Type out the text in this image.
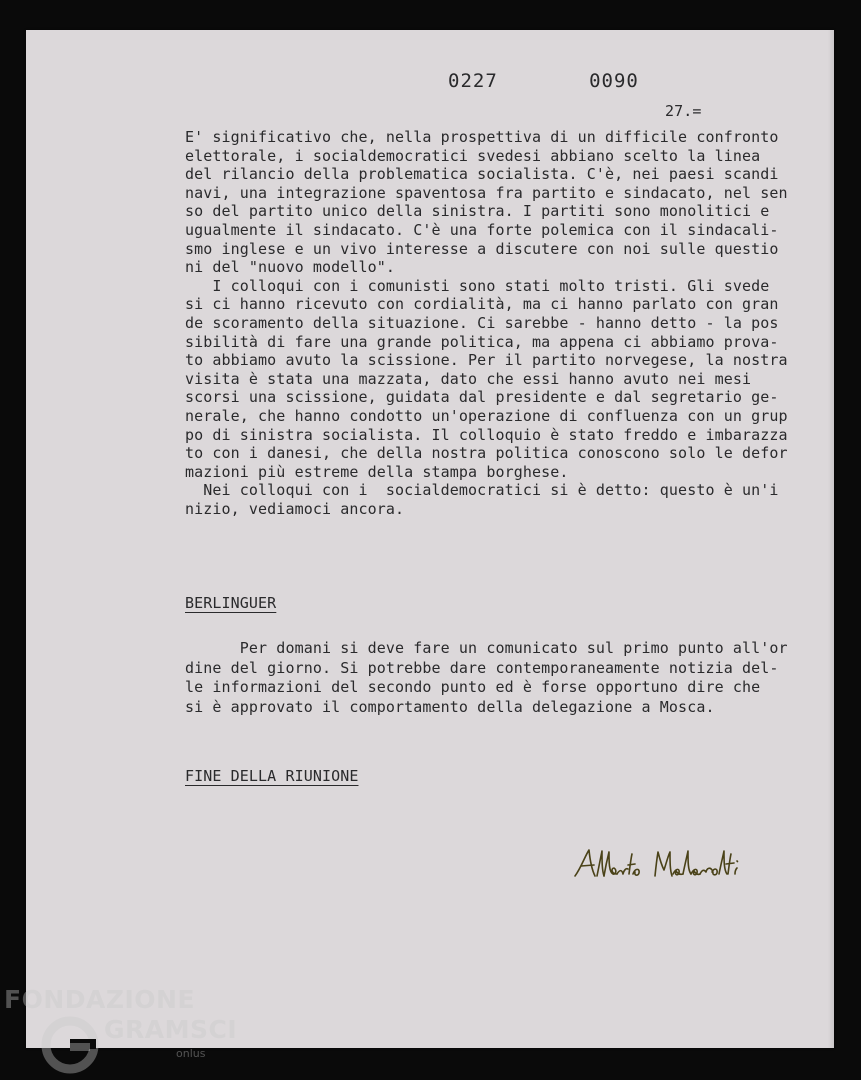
0227   0090
27.=
E' significativo che, nella prospettiva di un difficile confronto
elettorale, i socialdemocratici svedesi abbiano scelto la linea
del rilancio della problematica socialista. C'è, nei paesi scandi
navi, una integrazione spaventosa fra partito e sindacato, nel sen
so del partito unico della sinistra. I partiti sono monolitici e
ugualmente il sindacato. C'è una forte polemica con il sindacali-
smo inglese e un vivo interesse a discutere con noi sulle questio
ni del "nuovo modello".
I colloqui con i comunisti sono stati molto tristi. Gli svede
si ci hanno ricevuto con cordialità, ma ci hanno parlato con gran
de scoramento della situazione. Ci sarebbe - hanno detto - la pos
sibilità di fare una grande politica, ma appena ci abbiamo prova-
to abbiamo avuto la scissione. Per il partito norvegese, la nostra
visita è stata una mazzata, dato che essi hanno avuto nei mesi
scorsi una scissione, guidata dal presidente e dal segretario ge-
nerale, che hanno condotto un'operazione di confluenza con un grup
po di sinistra socialista. Il colloquio è stato freddo e imbarazza
to con i danesi, che della nostra politica conoscono solo le defor
mazioni più estreme della stampa borghese.
Nei colloqui con i  socialdemocratici si è detto: questo è un'i
nizio, vediamoci ancora.
BERLINGUER
Per domani si deve fare un comunicato sul primo punto all'or
dine del giorno. Si potrebbe dare contemporaneamente notizia del-
le informazioni del secondo punto ed è forse opportuno dire che
si è approvato il comportamento della delegazione a Mosca.
FINE DELLA RIUNIONE
FONDAZIONE
GRAMSCI
onlus
